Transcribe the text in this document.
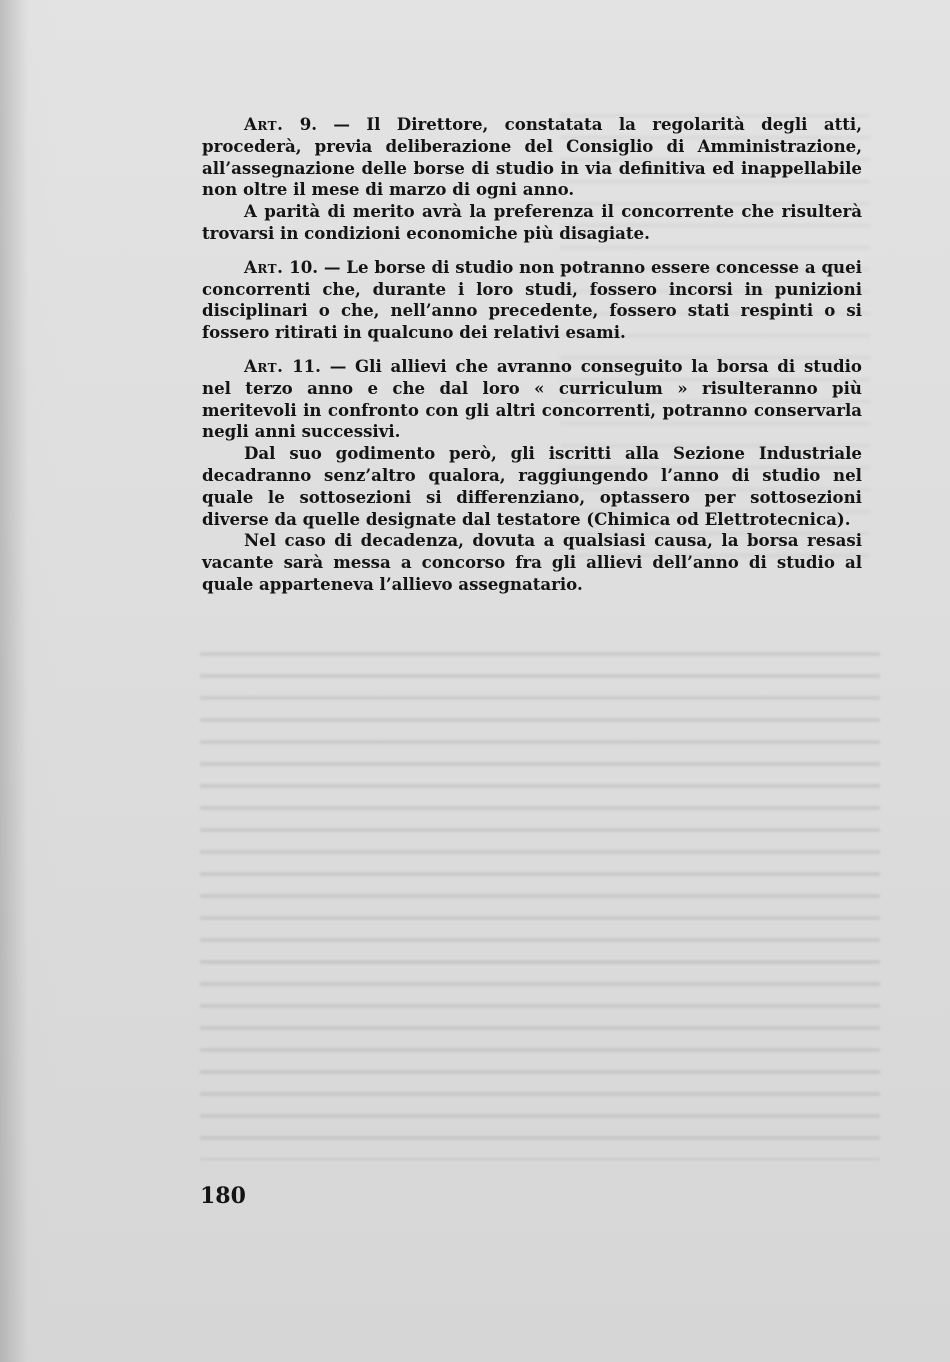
Art. 9. — Il Direttore, constatata la regolarità degli atti, procederà, previa deliberazione del Consiglio di Amministrazione, all’assegnazione delle borse di studio in via definitiva ed inappellabile non oltre il mese di marzo di ogni anno.

A parità di merito avrà la preferenza il concorrente che risulterà trovarsi in condizioni economiche più disagiate.

Art. 10. — Le borse di studio non potranno essere concesse a quei concorrenti che, durante i loro studi, fossero incorsi in punizioni disciplinari o che, nell’anno precedente, fossero stati respinti o si fossero ritirati in qualcuno dei relativi esami.

Art. 11. — Gli allievi che avranno conseguito la borsa di studio nel terzo anno e che dal loro « curriculum » risulteranno più meritevoli in confronto con gli altri concorrenti, potranno conservarla negli anni successivi.

Dal suo godimento però, gli iscritti alla Sezione Industriale decadranno senz’altro qualora, raggiungendo l’anno di studio nel quale le sottosezioni si differenziano, optassero per sottosezioni diverse da quelle designate dal testatore (Chimica od Elettrotecnica).

Nel caso di decadenza, dovuta a qualsiasi causa, la borsa resasi vacante sarà messa a concorso fra gli allievi dell’anno di studio al quale apparteneva l’allievo assegnatario.

180
